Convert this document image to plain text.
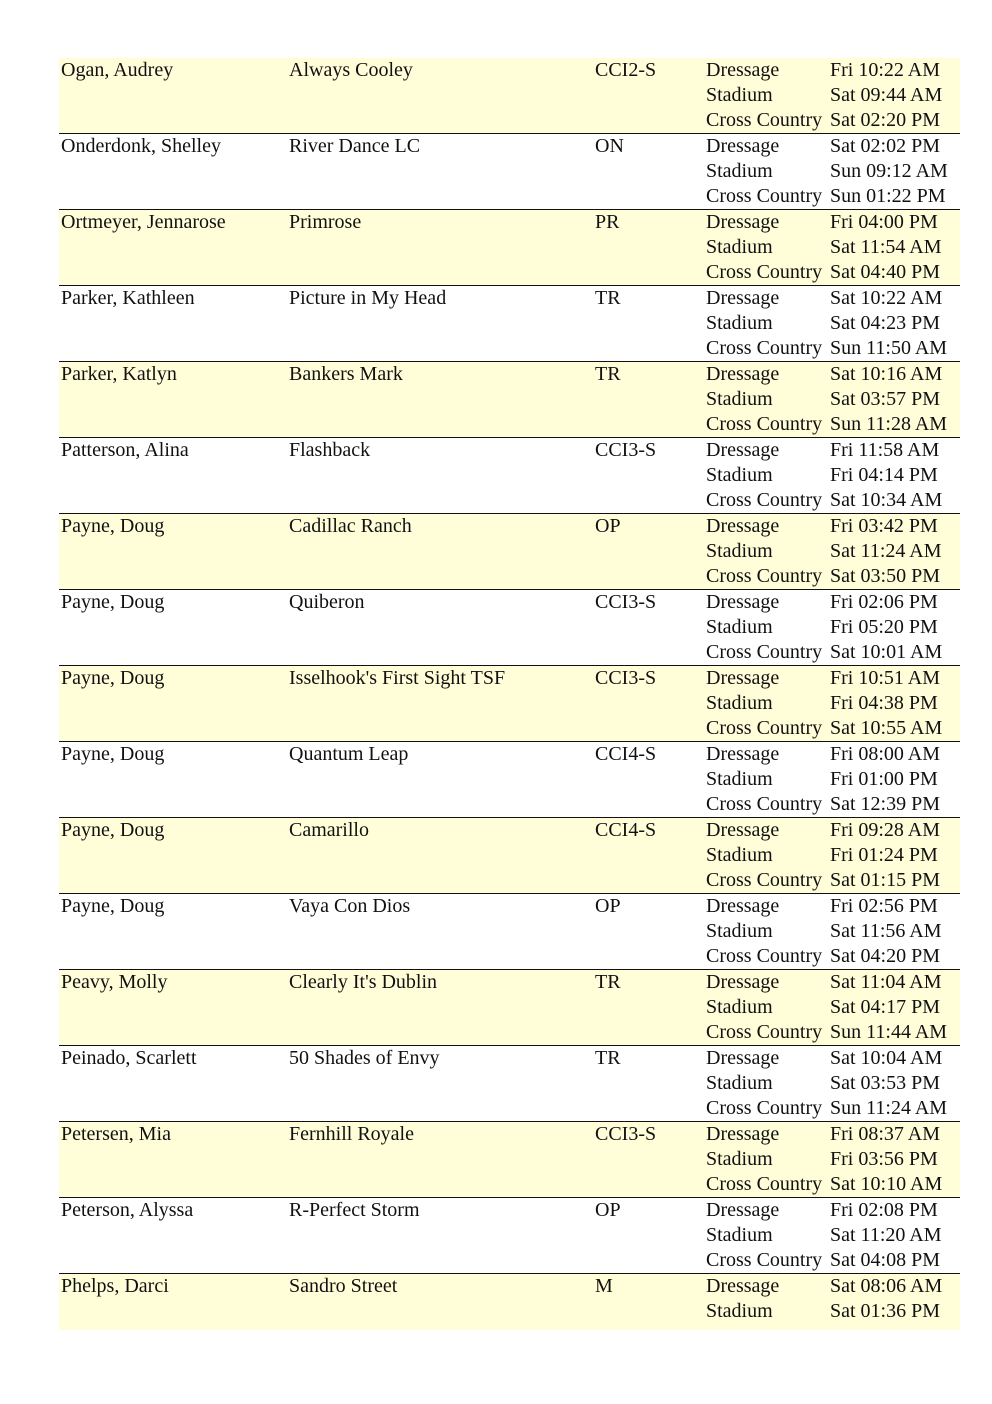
Ogan, Audrey	Always Cooley	CCI2-S Dressage	Fri 10:22 AM
Stadium	Sat 09:44 AM
Cross Country Sat 02:20 PM
Onderdonk, Shelley	River Dance LC	ON	Dressage	Sat 02:02 PM
Stadium	Sun 09:12 AM
Cross Country Sun 01:22 PM
Ortmeyer, Jennarose	Primrose	PR	Dressage	Fri 04:00 PM
Stadium	Sat 11:54 AM
Cross Country Sat 04:40 PM
Parker, Kathleen	Picture in My Head	TR	Dressage	Sat 10:22 AM
Stadium	Sat 04:23 PM
Cross Country Sun 11:50 AM
Parker, Katlyn	Bankers Mark	TR	Dressage	Sat 10:16 AM
Stadium	Sat 03:57 PM
Cross Country Sun 11:28 AM
Patterson, Alina	Flashback	CCI3-S Dressage	Fri 11:58 AM
Stadium	Fri 04:14 PM
Cross Country Sat 10:34 AM
Payne, Doug	Cadillac Ranch	OP	Dressage	Fri 03:42 PM
Stadium	Sat 11:24 AM
Cross Country Sat 03:50 PM
Payne, Doug	Quiberon	CCI3-S Dressage	Fri 02:06 PM
Stadium	Fri 05:20 PM
Cross Country Sat 10:01 AM
Payne, Doug	Isselhook's First Sight TSF	CCI3-S Dressage	Fri 10:51 AM
Stadium	Fri 04:38 PM
Cross Country Sat 10:55 AM
Payne, Doug	Quantum Leap	CCI4-S Dressage	Fri 08:00 AM
Stadium	Fri 01:00 PM
Cross Country Sat 12:39 PM
Payne, Doug	Camarillo	CCI4-S Dressage	Fri 09:28 AM
Stadium	Fri 01:24 PM
Cross Country Sat 01:15 PM
Payne, Doug	Vaya Con Dios	OP	Dressage	Fri 02:56 PM
Stadium	Sat 11:56 AM
Cross Country Sat 04:20 PM
Peavy, Molly	Clearly It's Dublin	TR	Dressage	Sat 11:04 AM
Stadium	Sat 04:17 PM
Cross Country Sun 11:44 AM
Peinado, Scarlett	50 Shades of Envy	TR	Dressage	Sat 10:04 AM
Stadium	Sat 03:53 PM
Cross Country Sun 11:24 AM
Petersen, Mia	Fernhill Royale	CCI3-S Dressage	Fri 08:37 AM
Stadium	Fri 03:56 PM
Cross Country Sat 10:10 AM
Peterson, Alyssa	R-Perfect Storm	OP	Dressage	Fri 02:08 PM
Stadium	Sat 11:20 AM
Cross Country Sat 04:08 PM
Phelps, Darci	Sandro Street	M	Dressage	Sat 08:06 AM
Stadium	Sat 01:36 PM
